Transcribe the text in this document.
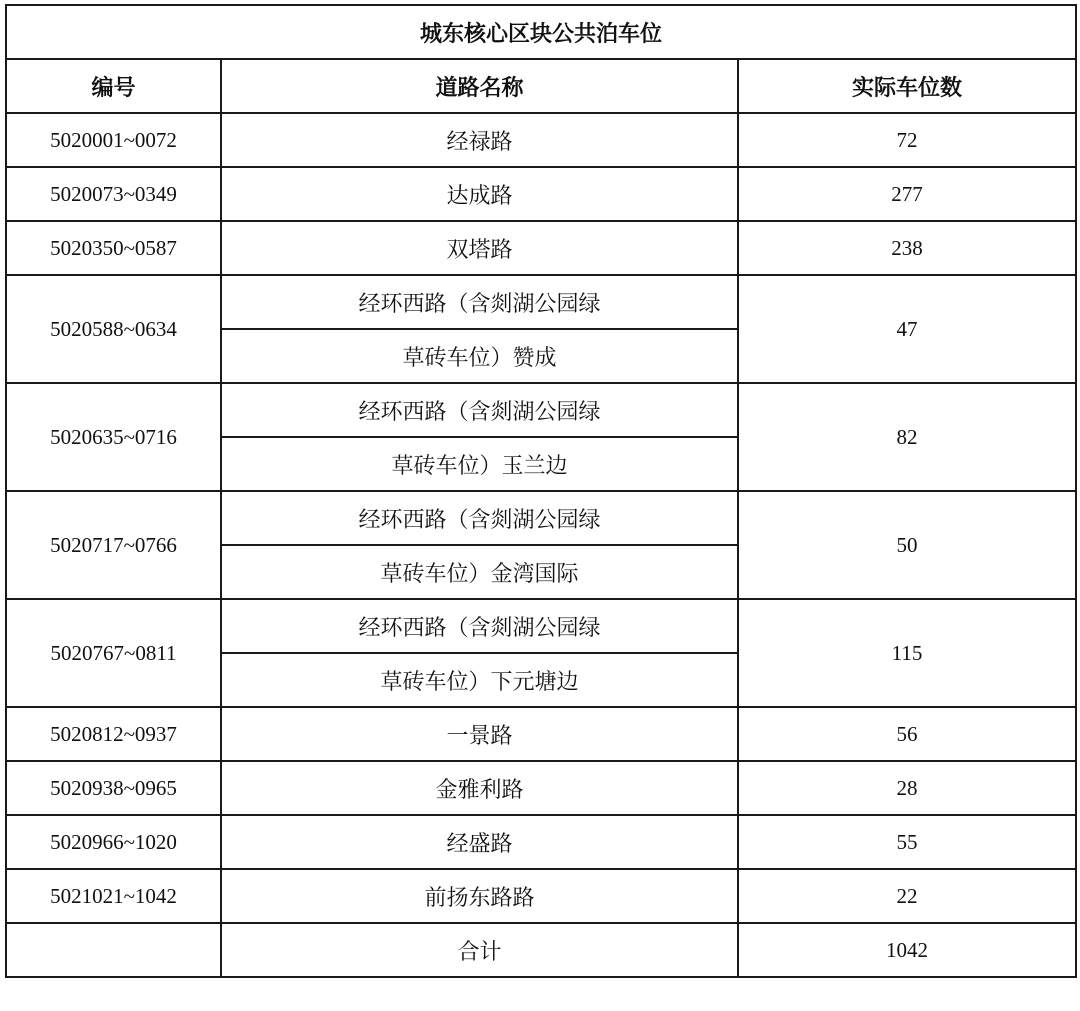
城东核心区块公共泊车位		
编号	道路名称	实际车位数
5020001~0072	经禄路	72
5020073~0349	达成路	277
5020350~0587	双塔路	238
5020588~0634	经环西路（含剡湖公园绿	47
	草砖车位）赞成	
5020635~0716	经环西路（含剡湖公园绿	82
	草砖车位）玉兰边	
5020717~0766	经环西路（含剡湖公园绿	50
	草砖车位）金湾国际	
5020767~0811	经环西路（含剡湖公园绿	115
	草砖车位）下元塘边	
5020812~0937	一景路	56
5020938~0965	金雅利路	28
5020966~1020	经盛路	55
5021021~1042	前扬东路路	22
	合计	1042
